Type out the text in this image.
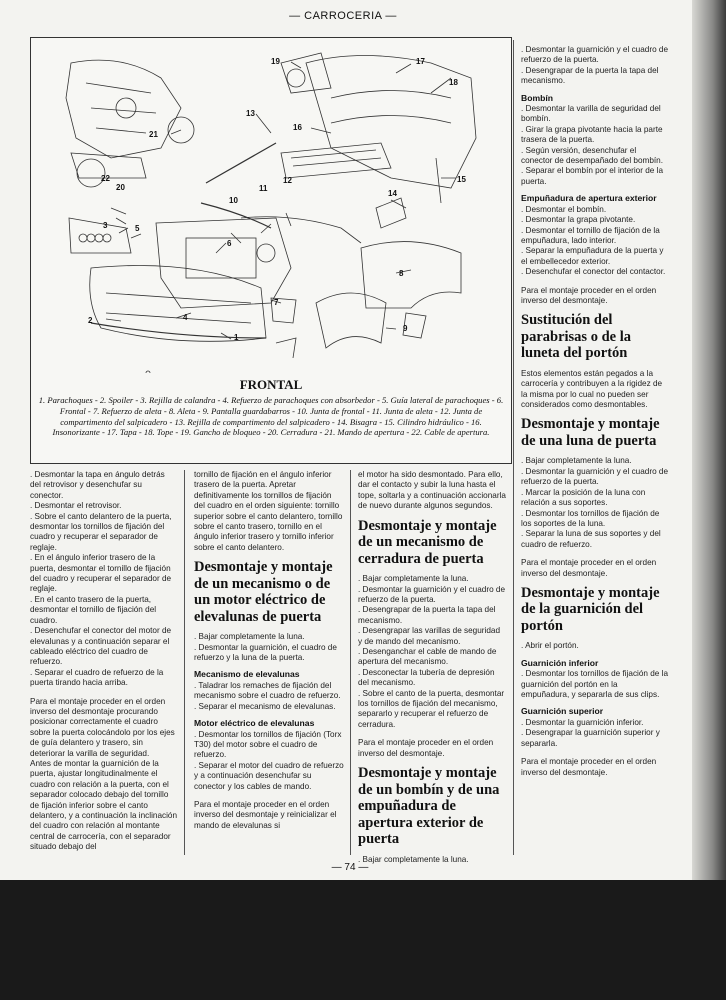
— CARROCERIA —
19	17
18
13
16
21
22
20
12
11
10
14
15
3	5
6
8
7
4
2
9
1
FRONTAL
1. Parachoques - 2. Spoiler - 3. Rejilla de calandra - 4. Refuerzo de parachoques con absorbedor - 5. Guía lateral de parachoques - 6. Frontal - 7. Refuerzo de aleta - 8. Aleta - 9. Pantalla guardabarros - 10. Junta de frontal - 11. Junta de aleta - 12. Junta de compartimento del salpicadero - 13. Rejilla de compartimento del salpicadero - 14. Bisagra - 15. Cilindro hidráulico - 16. Insonorizante - 17. Tapa - 18. Tope - 19. Gancho de bloqueo - 20. Cerradura - 21. Mando de apertura - 22. Cable de apertura.

. Desmontar la tapa en ángulo detrás del retrovisor y desenchufar su conector.

. Desmontar el retrovisor.

. Sobre el canto delantero de la puerta, desmontar los tornillos de fijación del cuadro y recuperar el separador de reglaje.

. En el ángulo inferior trasero de la puerta, desmontar el tornillo de fijación del cuadro y recuperar el separador de reglaje.

. En el canto trasero de la puerta, desmontar el tornillo de fijación del cuadro.

. Desenchufar el conector del motor de elevalunas y a continuación separar el cableado eléctrico del cuadro de refuerzo.

. Separar el cuadro de refuerzo de la puerta tirando hacia arriba.

Para el montaje proceder en el orden inverso del desmontaje procurando posicionar correctamente el cuadro sobre la puerta colocándolo por los ejes de guía delantero y trasero, sin deteriorar la varilla de seguridad.

Antes de montar la guarnición de la puerta, ajustar longitudinalmente el cuadro con relación a la puerta, con el separador colocado debajo del tornillo de fijación inferior sobre el canto delantero, y a continuación la inclinación del cuadro con relación al montante central de carrocería, con el separador situado debajo del

tornillo de fijación en el ángulo inferior trasero de la puerta. Apretar definitivamente los tornillos de fijación del cuadro en el orden siguiente: tornillo superior sobre el canto delantero, tornillo sobre el canto trasero, tornillo en el ángulo inferior trasero y tornillo inferior sobre el canto delantero.

Desmontaje y montaje de un mecanismo o de un motor eléctrico de elevalunas de puerta

. Bajar completamente la luna.

. Desmontar la guarnición, el cuadro de refuerzo y la luna de la puerta.

Mecanismo de elevalunas

. Taladrar los remaches de fijación del mecanismo sobre el cuadro de refuerzo.

. Separar el mecanismo de elevalunas.

Motor eléctrico de elevalunas

. Desmontar los tornillos de fijación (Torx T30) del motor sobre el cuadro de refuerzo.

. Separar el motor del cuadro de refuerzo y a continuación desenchufar su conector y los cables de mando.

Para el montaje proceder en el orden inverso del desmontaje y reinicializar el mando de elevalunas si

el motor ha sido desmontado. Para ello, dar el contacto y subir la luna hasta el tope, soltarla y a continuación accionarla de nuevo durante algunos segundos.

Desmontaje y montaje de un mecanismo de cerradura de puerta

. Bajar completamente la luna.

. Desmontar la guarnición y el cuadro de refuerzo de la puerta.

. Desengrapar de la puerta la tapa del mecanismo.

. Desengrapar las varillas de seguridad y de mando del mecanismo.

. Desenganchar el cable de mando de apertura del mecanismo.

. Desconectar la tubería de depresión del mecanismo.

. Sobre el canto de la puerta, desmontar los tornillos de fijación del mecanismo, separarlo y recuperar el refuerzo de cerradura.

Para el montaje proceder en el orden inverso del desmontaje.

Desmontaje y montaje de un bombín y de una empuñadura de apertura exterior de puerta

. Bajar completamente la luna.

. Desmontar la guarnición y el cuadro de refuerzo de la puerta.

. Desengrapar de la puerta la tapa del mecanismo.

Bombín

. Desmontar la varilla de seguridad del bombín.

. Girar la grapa pivotante hacia la parte trasera de la puerta.

. Según versión, desenchufar el conector de desempañado del bombín.

. Separar el bombín por el interior de la puerta.

Empuñadura de apertura exterior

. Desmontar el bombín.

. Desmontar la grapa pivotante.

. Desmontar el tornillo de fijación de la empuñadura, lado interior.

. Separar la empuñadura de la puerta y el embellecedor exterior.

. Desenchufar el conector del contactor.

Para el montaje proceder en el orden inverso del desmontaje.

Sustitución del parabrisas o de la luneta del portón

Estos elementos están pegados a la carrocería y contribuyen a la rigidez de la misma por lo cual no pueden ser considerados como desmontables.

Desmontaje y montaje de una luna de puerta

. Bajar completamente la luna.

. Desmontar la guarnición y el cuadro de refuerzo de la puerta.

. Marcar la posición de la luna con relación a sus soportes.

. Desmontar los tornillos de fijación de los soportes de la luna.

. Separar la luna de sus soportes y del cuadro de refuerzo.

Para el montaje proceder en el orden inverso del desmontaje.

Desmontaje y montaje de la guarnición del portón

. Abrir el portón.

Guarnición inferior

. Desmontar los tornillos de fijación de la guarnición del portón en la empuñadura, y separarla de sus clips.

Guarnición superior

. Desmontar la guarnición inferior.

. Desengrapar la guarnición superior y separarla.

Para el montaje proceder en el orden inverso del desmontaje.

— 74 —
